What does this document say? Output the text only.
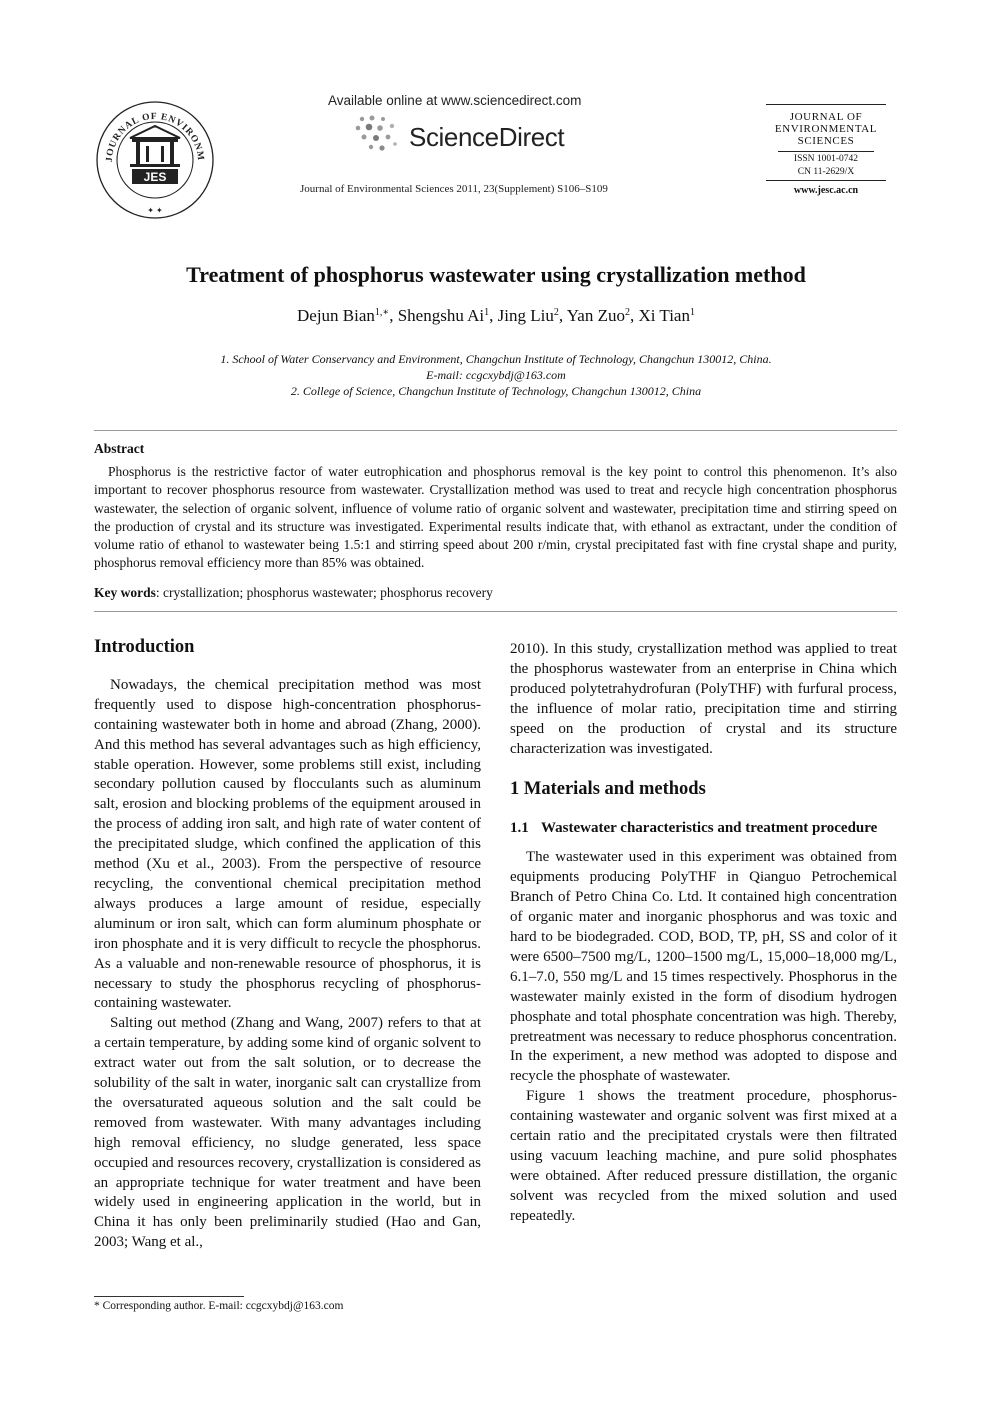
JOURNAL OF ENVIRONM
JES
✦ ✦
Available online at www.sciencedirect.com
ScienceDirect
Journal of Environmental Sciences 2011, 23(Supplement) S106–S109
JOURNAL OF
ENVIRONMENTAL
SCIENCES
ISSN 1001-0742
CN 11-2629/X
www.jesc.ac.cn
Treatment of phosphorus wastewater using crystallization method
Dejun Bian$^{1,∗}$, Shengshu Ai$^1$, Jing Liu$^2$, Yan Zuo$^2$, Xi Tian$^1$
1. School of Water Conservancy and Environment, Changchun Institute of Technology, Changchun 130012, China.
E-mail: ccgcxybdj@163.com
2. College of Science, Changchun Institute of Technology, Changchun 130012, China
Abstract
Phosphorus is the restrictive factor of water eutrophication and phosphorus removal is the key point to control this phenomenon. It’s also important to recover phosphorus resource from wastewater. Crystallization method was used to treat and recycle high concentration phosphorus wastewater, the selection of organic solvent, influence of volume ratio of organic solvent and wastewater, precipitation time and stirring speed on the production of crystal and its structure was investigated. Experimental results indicate that, with ethanol as extractant, under the condition of volume ratio of ethanol to wastewater being 1.5:1 and stirring speed about 200 r/min, crystal precipitated fast with fine crystal shape and purity, phosphorus removal efficiency more than 85% was obtained.
Key words: crystallization; phosphorus wastewater; phosphorus recovery
Introduction

Nowadays, the chemical precipitation method was most frequently used to dispose high-concentration phosphorus-containing wastewater both in home and abroad (Zhang, 2000). And this method has several advantages such as high efficiency, stable operation. However, some problems still exist, including secondary pollution caused by flocculants such as aluminum salt, erosion and blocking problems of the equipment aroused in the process of adding iron salt, and high rate of water content of the precipitated sludge, which confined the application of this method (Xu et al., 2003). From the perspective of resource recycling, the conventional chemical precipitation method always produces a large amount of residue, especially aluminum or iron salt, which can form aluminum phosphate or iron phosphate and it is very difficult to recycle the phosphorus. As a valuable and non-renewable resource of phosphorus, it is necessary to study the phosphorus recycling of phosphorus-containing wastewater.

Salting out method (Zhang and Wang, 2007) refers to that at a certain temperature, by adding some kind of organic solvent to extract water out from the salt solution, or to decrease the solubility of the salt in water, inorganic salt can crystallize from the oversaturated aqueous solution and the salt could be removed from wastewater. With many advantages including high removal efficiency, no sludge generated, less space occupied and resources recovery, crystallization is considered as an appropriate technique for water treatment and have been widely used in engineering application in the world, but in China it has only been preliminarily studied (Hao and Gan, 2003; Wang et al.,

2010). In this study, crystallization method was applied to treat the phosphorus wastewater from an enterprise in China which produced polytetrahydrofuran (PolyTHF) with furfural process, the influence of molar ratio, precipitation time and stirring speed on the production of crystal and its structure characterization was investigated.

1 Materials and methods
1.1 Wastewater characteristics and treatment procedure

The wastewater used in this experiment was obtained from equipments producing PolyTHF in Qianguo Petrochemical Branch of Petro China Co. Ltd. It contained high concentration of organic mater and inorganic phosphorus and was toxic and hard to be biodegraded. COD, BOD, TP, pH, SS and color of it were 6500–7500 mg/L, 1200–1500 mg/L, 15,000–18,000 mg/L, 6.1–7.0, 550 mg/L and 15 times respectively. Phosphorus in the wastewater mainly existed in the form of disodium hydrogen phosphate and total phosphate concentration was high. Thereby, pretreatment was necessary to reduce phosphorus concentration. In the experiment, a new method was adopted to dispose and recycle the phosphate of wastewater.

Figure 1 shows the treatment procedure, phosphorus-containing wastewater and organic solvent was first mixed at a certain ratio and the precipitated crystals were then filtrated using vacuum leaching machine, and pure solid phosphates were obtained. After reduced pressure distillation, the organic solvent was recycled from the mixed solution and used repeatedly.

* Corresponding author. E-mail: ccgcxybdj@163.com
